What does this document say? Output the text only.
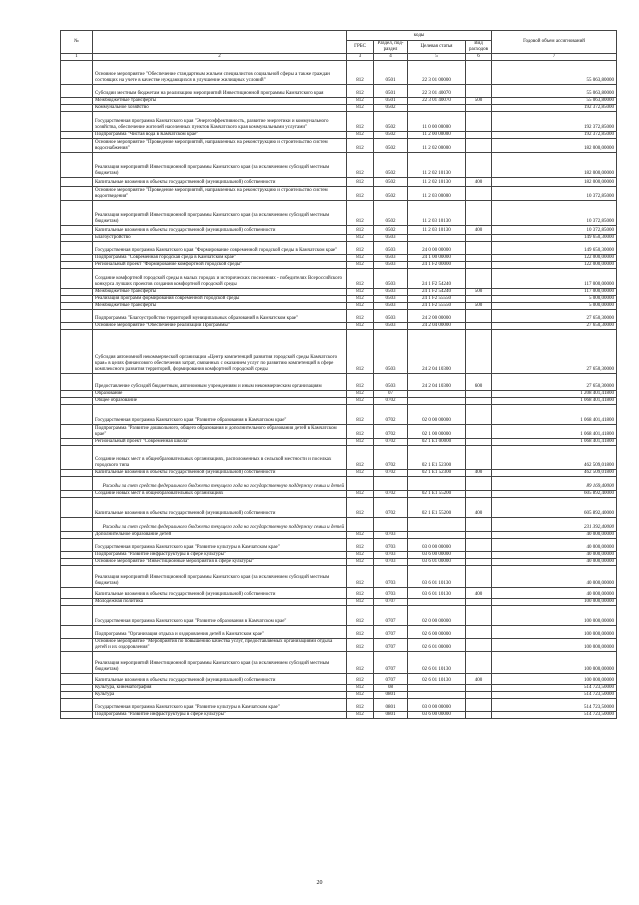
№		коды				Годовой объем ассигнований
		ГРБС	Раздел, под-раздел	Целевая статья	Вид расходов	
1	2	3	4	5	6	7
	Основное мероприятие "Обеспечение стандартным жильем специалистов социальной сферы а также граждан состоящих на учете в качестве нуждающихся в улучшение жилищных условий"	812	0501	22 3 01 00000		55 063,80000
	Субсидии местным бюджетам на реализацию мероприятий Инвестиционной программы Камчатского края	812	0501	22 3 01 40070		55 063,80000
	Межбюджетные трансферты	812	0501	22 3 01 40070	500	55 063,80000
	Коммунальное хозяйство	812	0502			192 372,85000
	Государственная программа Камчатского края "Энергоэффективность, развитие энергетики и коммунального хозяйства, обеспечение жителей населенных пунктов Камчатского края коммунальными услугами"	812	0502	11 0 00 00000		192 372,85000
	Подпрограмма "Чистая вода в Камчатском крае"	812	0502	11 2 00 00000		192 372,85000
	Основное мероприятие "Проведение мероприятий, направленных на реконструкцию и строительство систем водоснабжения"	812	0502	11 2 02 00000		182 000,00000
	Реализация мероприятий Инвестиционной программы Камчатского края (за исключением субсидий местным бюджетам)	812	0502	11 2 02 10130		182 000,00000
	Капитальные вложения в объекты государственной (муниципальной) собственности	812	0502	11 2 02 10130	400	182 000,00000
	Основное мероприятие "Проведение мероприятий, направленных на реконструкцию и строительство систем водоотведения"	812	0502	11 2 03 00000		10 372,85000
	Реализация мероприятий Инвестиционной программы Камчатского края (за исключением субсидий местным бюджетам)	812	0502	11 2 03 10130		10 372,85000
	Капитальные вложения в объекты государственной (муниципальной) собственности	812	0502	11 2 03 10130	400	10 372,85000
	Благоустройство	812	0503			149 650,30000
	Государственная программа Камчатского края "Формирование современной городской среды в Камчатском крае"	812	0503	24 0 00 00000		149 650,30000
	Подпрограмма "Современная городская среда в Камчатском крае"	812	0503	24 1 00 00000		122 000,00000
	Региональный проект "Формирование комфортной городской среды"	812	0503	24 1 F2 00000		122 000,00000
	Создание комфортной городской среды в малых городах и исторических поселениях - победителях Всероссийского конкурса лучших проектов создания комфортной городской среды	812	0503	24 1 F2 54240		117 000,00000
	Межбюджетные трансферты	812	0503	24 1 F2 54240	500	117 000,00000
	Реализация программ формирования современной городской среды	812	0503	24 1 F2 55550		5 000,00000
	Межбюджетные трансферты	812	0503	24 1 F2 55550	500	5 000,00000
	Подпрограмма "Благоустройство территорий муниципальных образований в Камчатском крае"	812	0503	24 2 00 00000		27 650,30000
	Основное мероприятие "Обеспечение реализации Программы"	812	0503	24 2 04 00000		27 650,30000
	Субсидия автономной некоммерческой организации «Центр компетенций развития городской среды Камчатского края» в целях финансового обеспечения затрат, связанных с оказанием услуг по развитию компетенций в сфере комплексного развития территорий, формирования комфортной городской среды	812	0503	24 2 04 10300		27 650,30000
	Предоставление субсидий бюджетным, автономным учреждениям и иным некоммерческим организациям	812	0503	24 2 04 10300	600	27 650,30000
	Образование	812	07			1 208 401,41800
	Общее образование	812	0702			1 068 401,41800
	Государственная программа Камчатского края "Развитие образования в Камчатском крае"	812	0702	02 0 00 00000		1 068 401,41800
	Подпрограмма "Развитие дошкольного, общего образования и дополнительного образования детей в Камчатском крае"	812	0702	02 1 00 00000		1 068 401,41800
	Региональный проект "Современная школа"	812	0702	02 1 E1 00000		1 068 401,41800
	Создание новых мест в общеобразовательных организациях, расположенных в сельской местности и поселках городского типа	812	0702	02 1 E1 52300		462 509,01800
	Капитальные вложения в объекты государственной (муниципальной) собственности	812	0702	02 1 E1 52300	400	462 509,01800
	Расходы за счет средств федерального бюджета текущего года на государственную поддержку семьи и детей					89 169,40000
	Создание новых мест в общеобразовательных организациях	812	0702	02 1 E1 55200		605 892,40000
	Капитальные вложения в объекты государственной (муниципальной) собственности	812	0702	02 1 E1 55200	400	605 892,40000
	Расходы за счет средств федерального бюджета текущего года на государственную поддержку семьи и детей					231 392,40000
	Дополнительное образование детей	812	0703			40 000,00000
	Государственная программа Камчатского края "Развитие культуры в Камчатском крае"	812	0703	03 0 00 00000		40 000,00000
	Подпрограмма "Развитие инфраструктуры в сфере культуры"	812	0703	03 6 00 00000		40 000,00000
	Основное мероприятие "Инвестиционные мероприятия в сфере культуры"	812	0703	03 6 01 00000		40 000,00000
	Реализация мероприятий Инвестиционной программы Камчатского края (за исключением субсидий местным бюджетам)	812	0703	03 6 01 10130		40 000,00000
	Капитальные вложения в объекты государственной (муниципальной) собственности	812	0703	03 6 01 10130	400	40 000,00000
	Молодежная политика	812	0707			100 000,00000
	Государственная программа Камчатского края "Развитие образования в Камчатском крае"	812	0707	02 0 00 00000		100 000,00000
	Подпрограмма "Организация отдыха и оздоровления детей в Камчатском крае"	812	0707	02 6 00 00000		100 000,00000
	Основное мероприятие "Мероприятия по повышению качества услуг, предоставляемых организациями отдыха детей и их оздоровления"	812	0707	02 6 01 00000		100 000,00000
	Реализация мероприятий Инвестиционной программы Камчатского края (за исключением субсидий местным бюджетам)	812	0707	02 6 01 10130		100 000,00000
	Капитальные вложения в объекты государственной (муниципальной) собственности	812	0707	02 6 01 10130	400	100 000,00000
	Культура, кинематография	812	08			514 723,50000
	Культура	812	0801			514 723,50000
	Государственная программа Камчатского края "Развитие культуры в Камчатском крае"	812	0801	03 0 00 00000		514 723,50000
	Подпрограмма "Развитие инфраструктуры в сфере культуры"	812	0801	03 6 00 00000		514 723,50000
20
